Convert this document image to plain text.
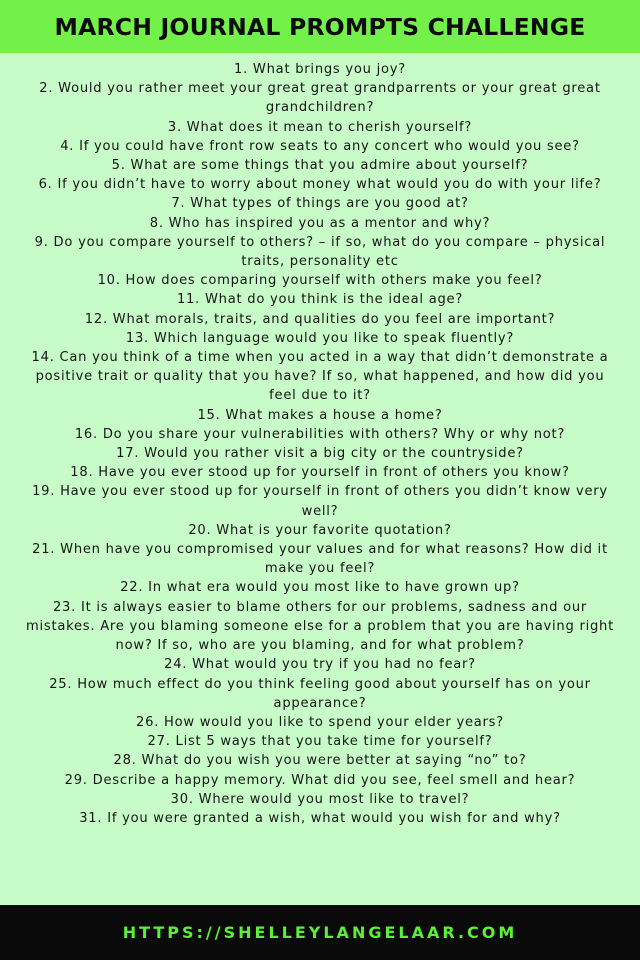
MARCH JOURNAL PROMPTS CHALLENGE
1. What brings you joy?
2. Would you rather meet your great great grandparrents or your great great grandchildren?
3. What does it mean to cherish yourself?
4. If you could have front row seats to any concert who would you see?
5. What are some things that you admire about yourself?
6. If you didn’t have to worry about money what would you do with your life?
7. What types of things are you good at?
8. Who has inspired you as a mentor and why?
9. Do you compare yourself to others? – if so, what do you compare – physical traits, personality etc
10. How does comparing yourself with others make you feel?
11. What do you think is the ideal age?
12. What morals, traits, and qualities do you feel are important?
13. Which language would you like to speak fluently?
14. Can you think of a time when you acted in a way that didn’t demonstrate a positive trait or quality that you have? If so, what happened, and how did you feel due to it?
15. What makes a house a home?
16. Do you share your vulnerabilities with others? Why or why not?
17. Would you rather visit a big city or the countryside?
18. Have you ever stood up for yourself in front of others you know?
19. Have you ever stood up for yourself in front of others you didn’t know very well?
20. What is your favorite quotation?
21. When have you compromised your values and for what reasons? How did it make you feel?
22. In what era would you most like to have grown up?
23. It is always easier to blame others for our problems, sadness and our mistakes. Are you blaming someone else for a problem that you are having right now? If so, who are you blaming, and for what problem?
24. What would you try if you had no fear?
25. How much effect do you think feeling good about yourself has on your appearance?
26. How would you like to spend your elder years?
27. List 5 ways that you take time for yourself?
28. What do you wish you were better at saying “no” to?
29. Describe a happy memory. What did you see, feel smell and hear?
30. Where would you most like to travel?
31. If you were granted a wish, what would you wish for and why?
HTTPS://SHELLEYLANGELAAR.COM
